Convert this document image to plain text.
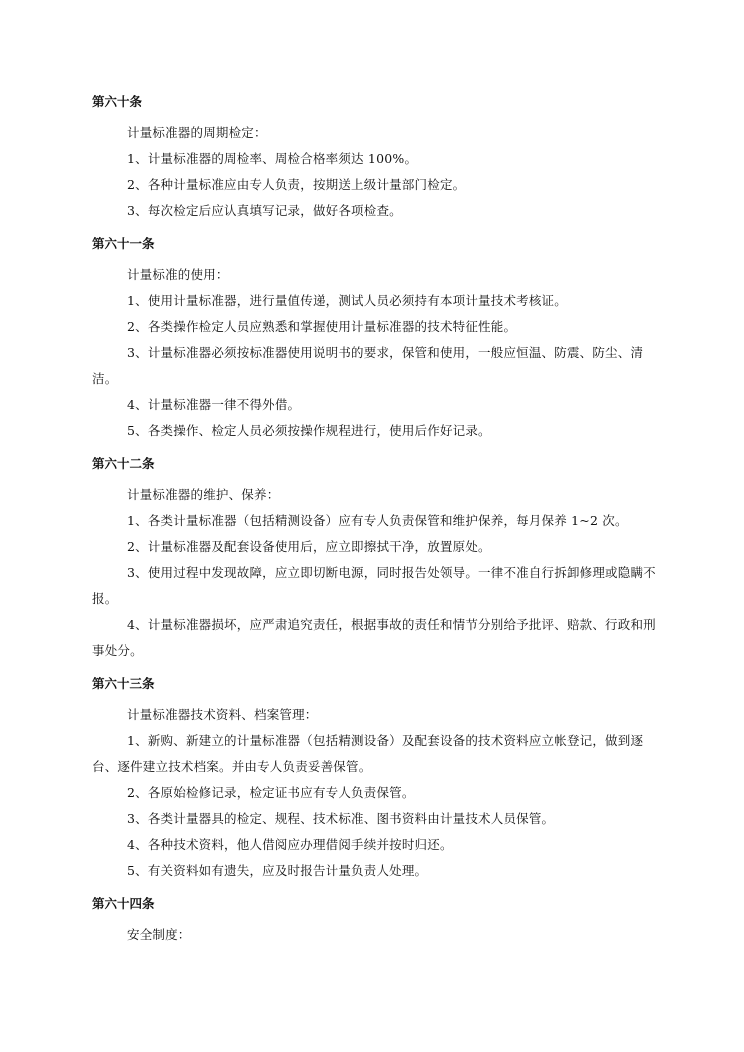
第六十条

计量标准器的周期检定：

1、计量标准器的周检率、周检合格率须达 100%。

2、各种计量标准应由专人负责，按期送上级计量部门检定。

3、每次检定后应认真填写记录，做好各项检查。

第六十一条

计量标准的使用：

1、使用计量标准器，进行量值传递，测试人员必须持有本项计量技术考核证。

2、各类操作检定人员应熟悉和掌握使用计量标准器的技术特征性能。

3、计量标准器必须按标准器使用说明书的要求，保管和使用，一般应恒温、防震、防尘、清洁。

4、计量标准器一律不得外借。

5、各类操作、检定人员必须按操作规程进行，使用后作好记录。

第六十二条

计量标准器的维护、保养：

1、各类计量标准器（包括精测设备）应有专人负责保管和维护保养，每月保养 1~2 次。

2、计量标准器及配套设备使用后，应立即擦拭干净，放置原处。

3、使用过程中发现故障，应立即切断电源，同时报告处领导。一律不准自行拆卸修理或隐瞒不报。

4、计量标准器损坏，应严肃追究责任，根据事故的责任和情节分别给予批评、赔款、行政和刑事处分。

第六十三条

计量标准器技术资料、档案管理：

1、新购、新建立的计量标准器（包括精测设备）及配套设备的技术资料应立帐登记，做到逐台、逐件建立技术档案。并由专人负责妥善保管。

2、各原始检修记录，检定证书应有专人负责保管。

3、各类计量器具的检定、规程、技术标准、图书资料由计量技术人员保管。

4、各种技术资料，他人借阅应办理借阅手续并按时归还。

5、有关资料如有遗失，应及时报告计量负责人处理。

第六十四条

安全制度：
